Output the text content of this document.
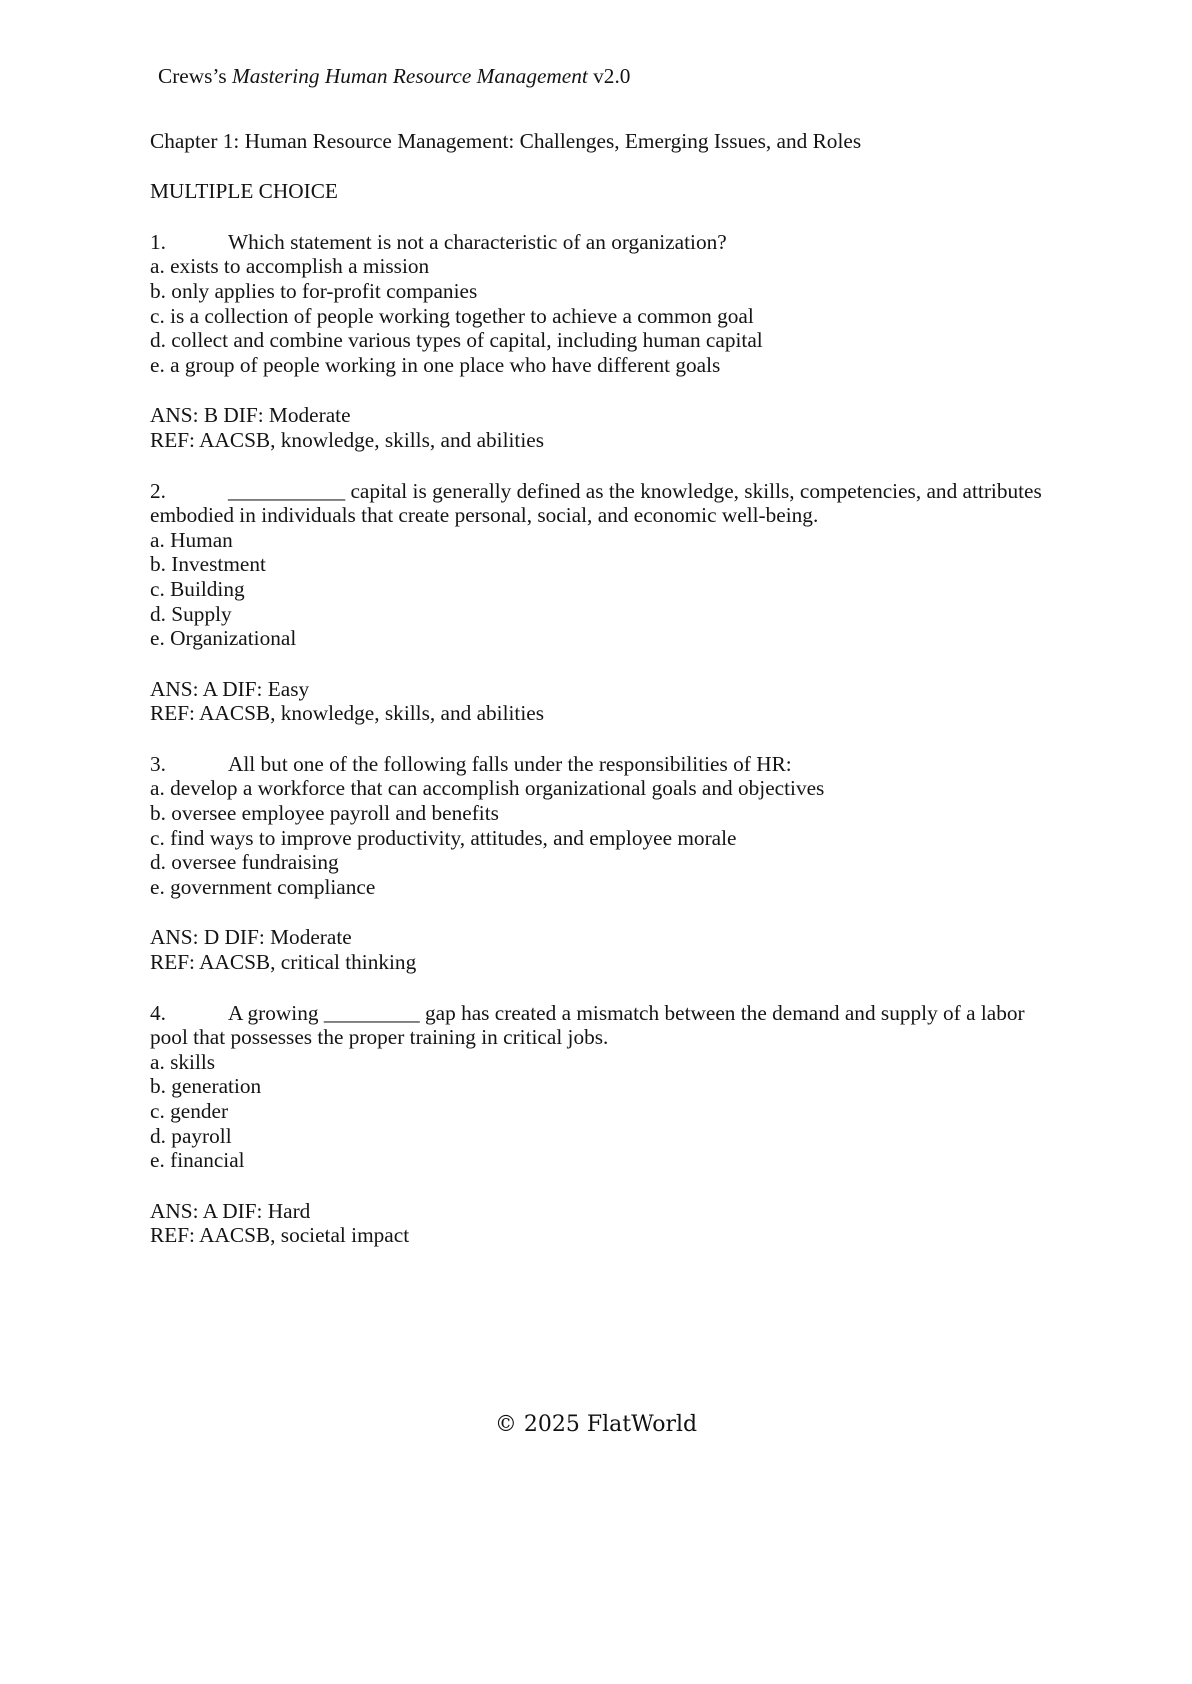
Crews’s Mastering Human Resource Management v2.0
Chapter 1: Human Resource Management: Challenges, Emerging Issues, and Roles
MULTIPLE CHOICE

1.	Which statement is not a characteristic of an organization?

a. exists to accomplish a mission
b. only applies to for-profit companies
c. is a collection of people working together to achieve a common goal
d. collect and combine various types of capital, including human capital
e. a group of people working in one place who have different goals
ANS: B DIF: Moderate
REF: AACSB, knowledge, skills, and abilities

2.	___________ capital is generally defined as the knowledge, skills, competencies, and attributes embodied in individuals that create personal, social, and economic well-being.

a. Human
b. Investment
c. Building
d. Supply
e. Organizational
ANS: A DIF: Easy
REF: AACSB, knowledge, skills, and abilities

3.	All but one of the following falls under the responsibilities of HR:

a. develop a workforce that can accomplish organizational goals and objectives
b. oversee employee payroll and benefits
c. find ways to improve productivity, attitudes, and employee morale
d. oversee fundraising
e. government compliance
ANS: D DIF: Moderate
REF: AACSB, critical thinking

4.	A growing _________ gap has created a mismatch between the demand and supply of a labor pool that possesses the proper training in critical jobs.

a. skills
b. generation
c. gender
d. payroll
e. financial
ANS: A DIF: Hard
REF: AACSB, societal impact
© 2025 FlatWorld
